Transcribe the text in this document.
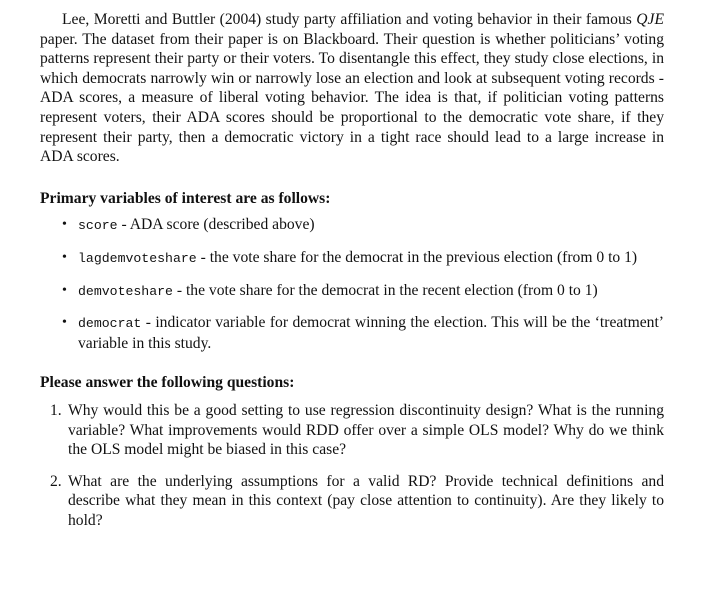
Lee, Moretti and Buttler (2004) study party affiliation and voting behavior in their famous QJE paper. The dataset from their paper is on Blackboard. Their question is whether politicians’ voting patterns represent their party or their voters. To disentangle this effect, they study close elections, in which democrats narrowly win or narrowly lose an election and look at subsequent voting records - ADA scores, a measure of liberal voting behavior. The idea is that, if politician voting patterns represent voters, their ADA scores should be proportional to the democratic vote share, if they represent their party, then a democratic victory in a tight race should lead to a large increase in ADA scores.

Primary variables of interest are as follows:

• score - ADA score (described above)
• lagdemvoteshare - the vote share for the democrat in the previous election (from 0 to 1)
• demvoteshare - the vote share for the democrat in the recent election (from 0 to 1)
• democrat - indicator variable for democrat winning the election. This will be the ‘treatment’ variable in this study.

Please answer the following questions:

1. Why would this be a good setting to use regression discontinuity design? What is the running variable? What improvements would RDD offer over a simple OLS model? Why do we think the OLS model might be biased in this case?
2. What are the underlying assumptions for a valid RD? Provide technical definitions and describe what they mean in this context (pay close attention to continuity). Are they likely to hold?
